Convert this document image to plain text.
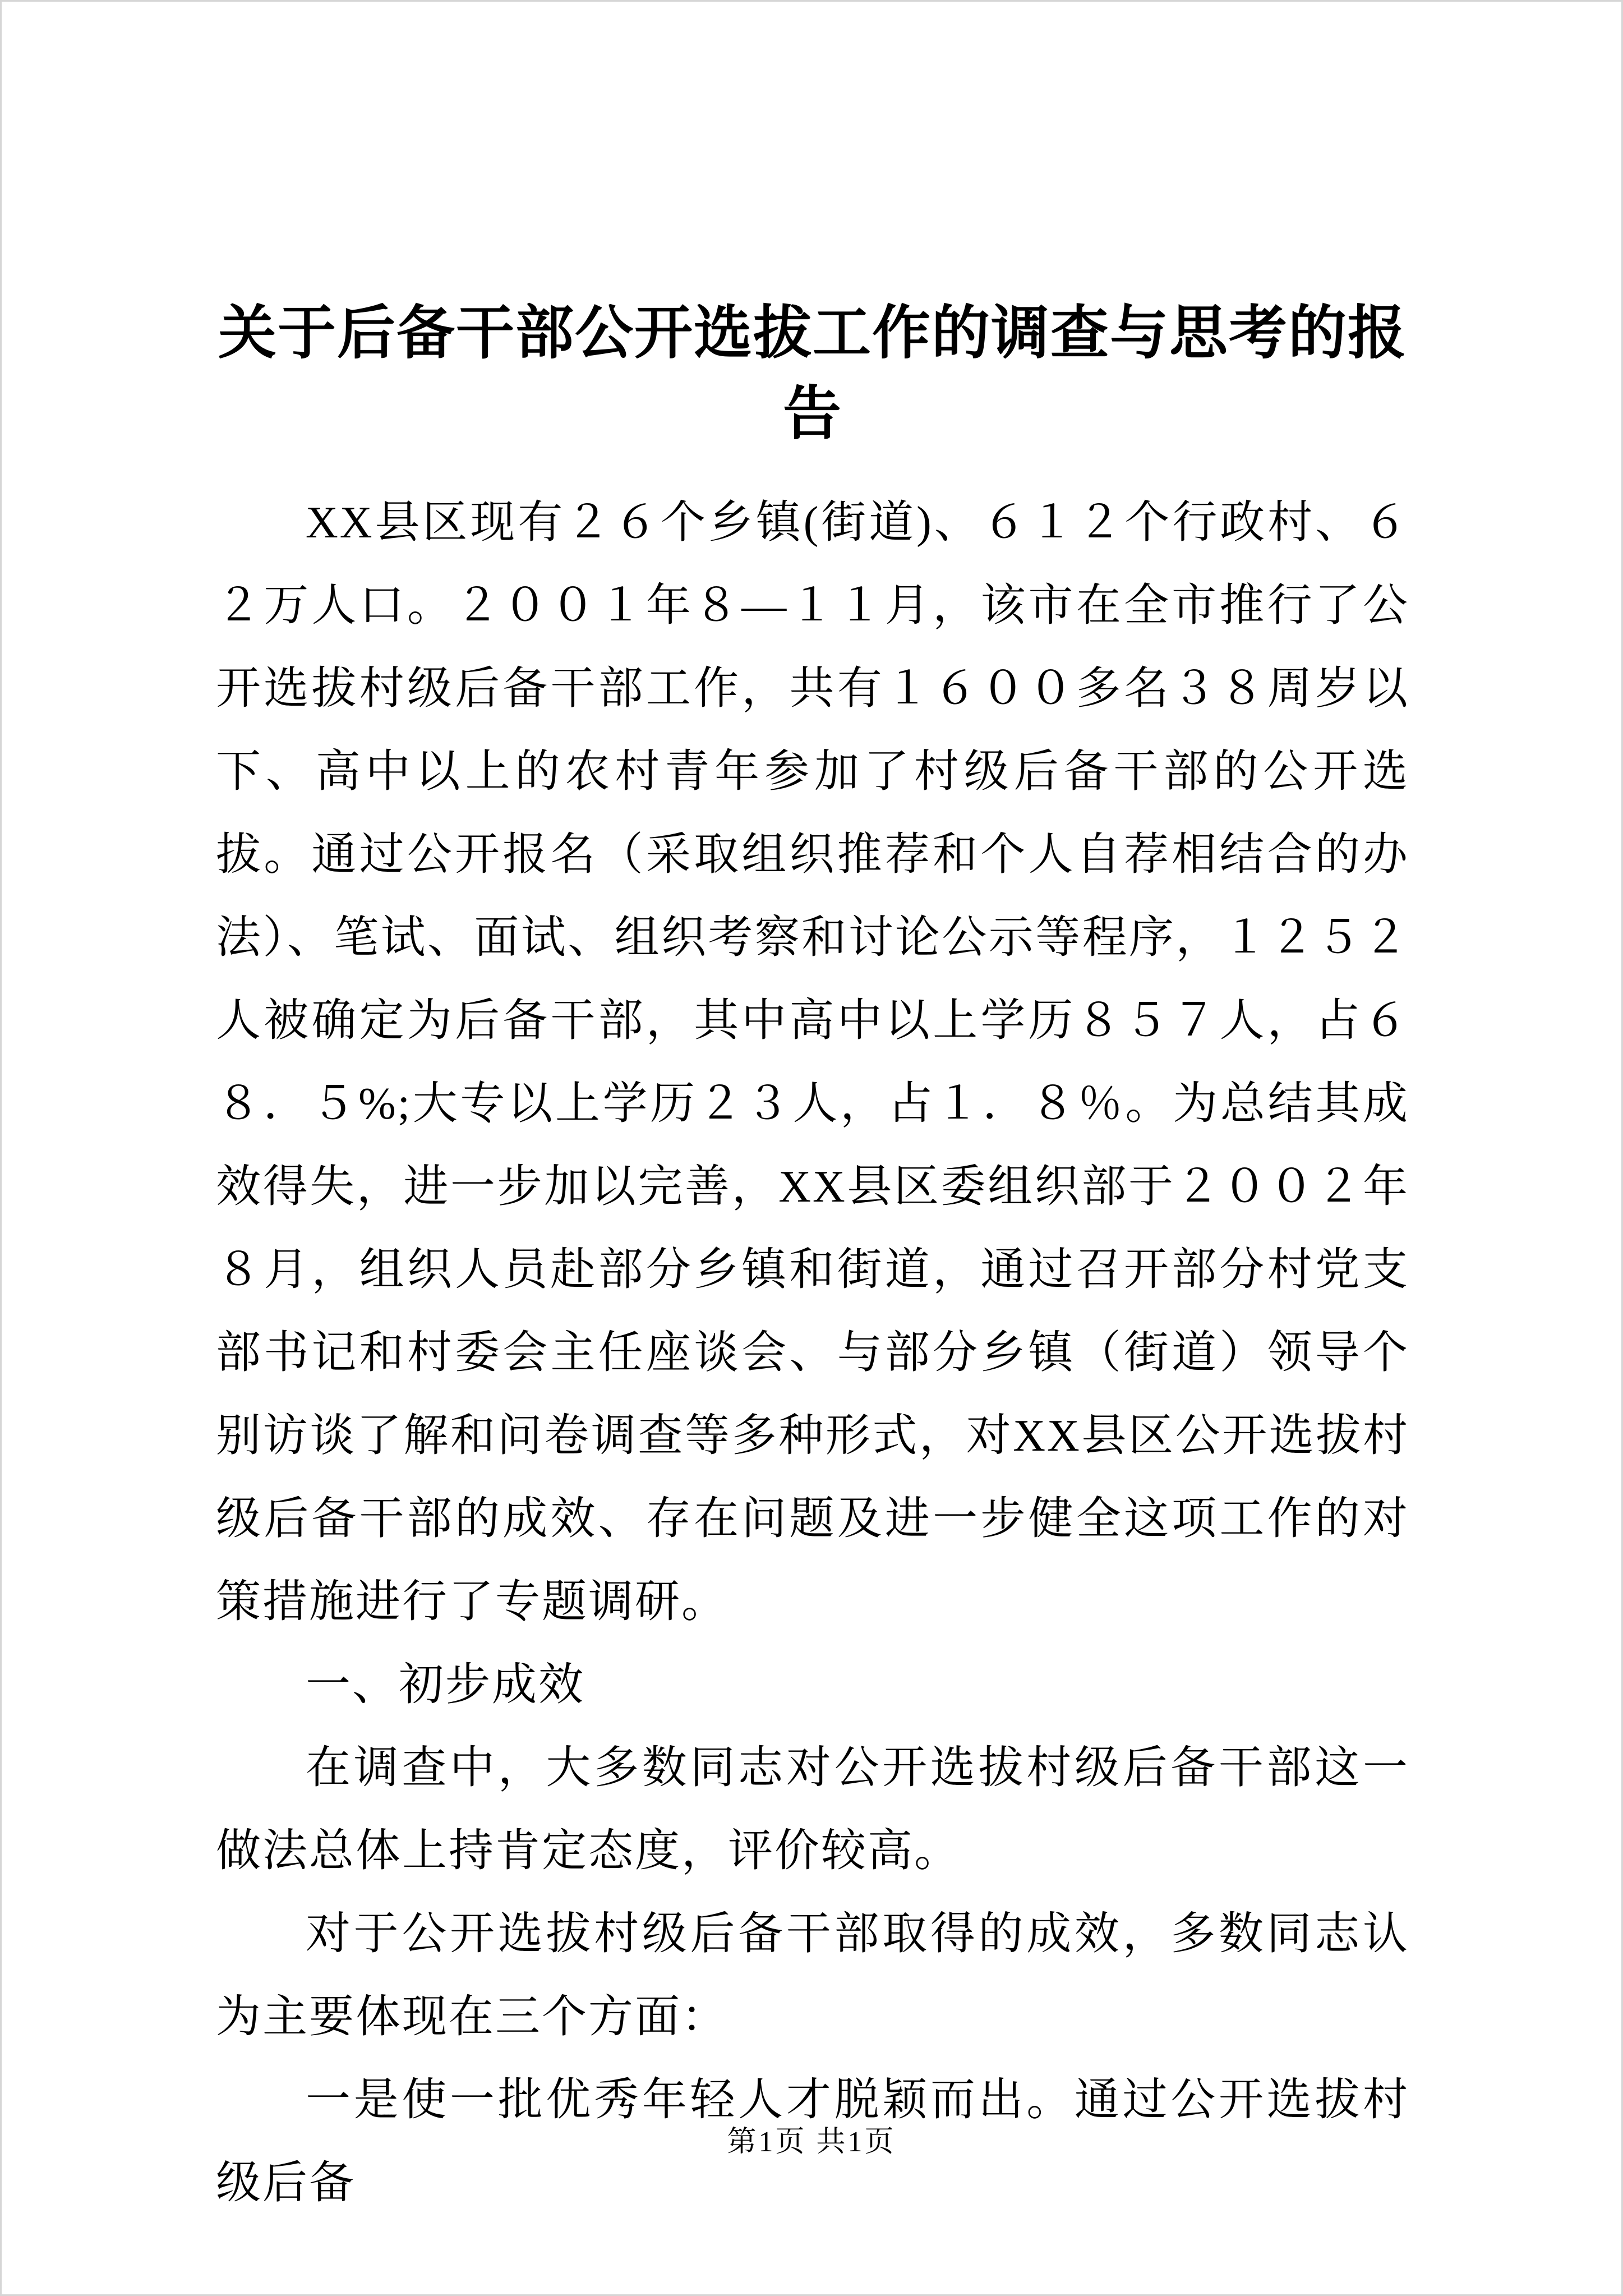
关于后备干部公开选拔工作的调查与思考的报告

XX县区现有２６个乡镇(街道)、６１２个行政村、６２万人口。２００１年８—１１月，该市在全市推行了公开选拔村级后备干部工作，共有１６００多名３８周岁以下、高中以上的农村青年参加了村级后备干部的公开选拔。通过公开报名（采取组织推荐和个人自荐相结合的办法）、笔试、面试、组织考察和讨论公示等程序，１２５２人被确定为后备干部，其中高中以上学历８５７人，占６８．５%;大专以上学历２３人，占１．８％。为总结其成效得失，进一步加以完善，XX县区委组织部于２００２年８月，组织人员赴部分乡镇和街道，通过召开部分村党支部书记和村委会主任座谈会、与部分乡镇（街道）领导个别访谈了解和问卷调查等多种形式，对XX县区公开选拔村级后备干部的成效、存在问题及进一步健全这项工作的对策措施进行了专题调研。

一、初步成效

在调查中，大多数同志对公开选拔村级后备干部这一做法总体上持肯定态度，评价较高。

对于公开选拔村级后备干部取得的成效，多数同志认为主要体现在三个方面：

一是使一批优秀年轻人才脱颖而出。通过公开选拔村级后备

第1页 共1页
